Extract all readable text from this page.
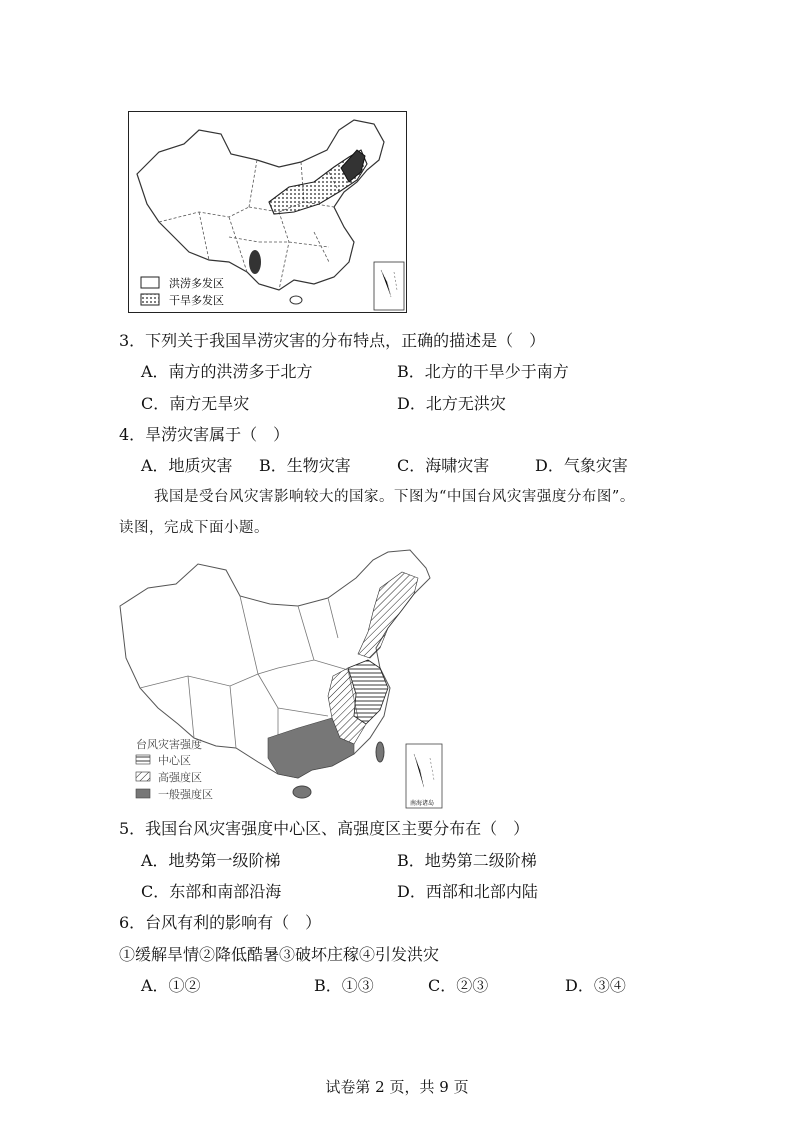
洪涝多发区
干旱多发区
3．下列关于我国旱涝灾害的分布特点，正确的描述是（　）
A．南方的洪涝多于北方	B．北方的干旱少于南方
C．南方无旱灾	D．北方无洪灾
4．旱涝灾害属于（　）
A．地质灾害 B．生物灾害	C．海啸灾害	D．气象灾害
我国是受台风灾害影响较大的国家。下图为“中国台风灾害强度分布图”。
读图，完成下面小题。
南海诸岛
台风灾害强度
中心区
高强度区
一般强度区
5．我国台风灾害强度中心区、高强度区主要分布在（　）
A．地势第一级阶梯	B．地势第二级阶梯
C．东部和南部沿海	D．西部和北部内陆
6．台风有利的影响有（　）
①缓解旱情②降低酷暑③破坏庄稼④引发洪灾
A．①②	B．①③	C．②③	D．③④
试卷第 2 页，共 9 页
